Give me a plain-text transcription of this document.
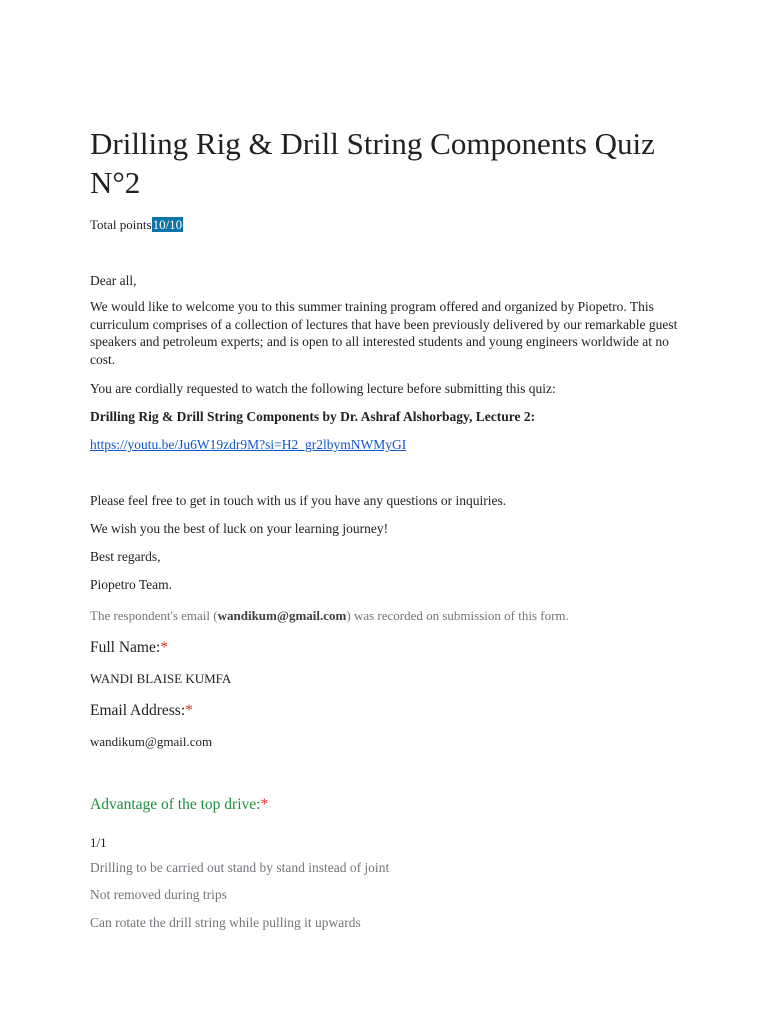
Drilling Rig & Drill String Components Quiz N°2
Total points10/10

Dear all,

We would like to welcome you to this summer training program offered and organized by Piopetro. This curriculum comprises of a collection of lectures that have been previously delivered by our remarkable guest speakers and petroleum experts; and is open to all interested students and young engineers worldwide at no cost.

You are cordially requested to watch the following lecture before submitting this quiz:

Drilling Rig & Drill String Components by Dr. Ashraf Alshorbagy, Lecture 2:

https://youtu.be/Ju6W19zdr9M?si=H2_gr2lbymNWMyGI

Please feel free to get in touch with us if you have any questions or inquiries.

We wish you the best of luck on your learning journey!

Best regards,

Piopetro Team.

The respondent's email (wandikum@gmail.com) was recorded on submission of this form.

Full Name:*
WANDI BLAISE KUMFA
Email Address:*
wandikum@gmail.com
Advantage of the top drive:*
1/1
Drilling to be carried out stand by stand instead of joint
Not removed during trips
Can rotate the drill string while pulling it upwards
